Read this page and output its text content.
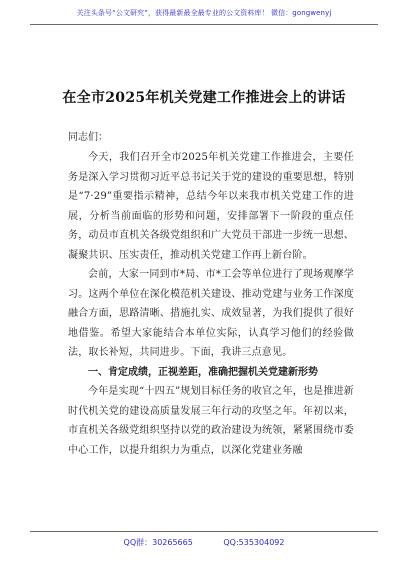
关注头条号“公文研究”，获得最新最全最专业的公文资料库！ 微信：gongwenyj
在全市2025年机关党建工作推进会上的讲话
同志们：

今天，我们召开全市2025年机关党建工作推进会，主要任务是深入学习贯彻习近平总书记关于党的建设的重要思想，特别是“7·29”重要指示精神，总结今年以来我市机关党建工作的进展，分析当前面临的形势和问题，安排部署下一阶段的重点任务，动员市直机关各级党组织和广大党员干部进一步统一思想、凝聚共识、压实责任，推动机关党建工作再上新台阶。

会前，大家一同到市*局、市*工会等单位进行了现场观摩学习。这两个单位在深化模范机关建设、推动党建与业务工作深度融合方面，思路清晰、措施扎实、成效显著，为我们提供了很好地借鉴。希望大家能结合本单位实际，认真学习他们的经验做法，取长补短，共同进步。下面，我讲三点意见。

一、肯定成绩，正视差距，准确把握机关党建新形势

今年是实现“十四五”规划目标任务的收官之年，也是推进新时代机关党的建设高质量发展三年行动的攻坚之年。年初以来，市直机关各级党组织坚持以党的政治建设为统领，紧紧围绕市委中心工作，以提升组织力为重点，以深化党建业务融

QQ群：30265665	QQ:535304092
